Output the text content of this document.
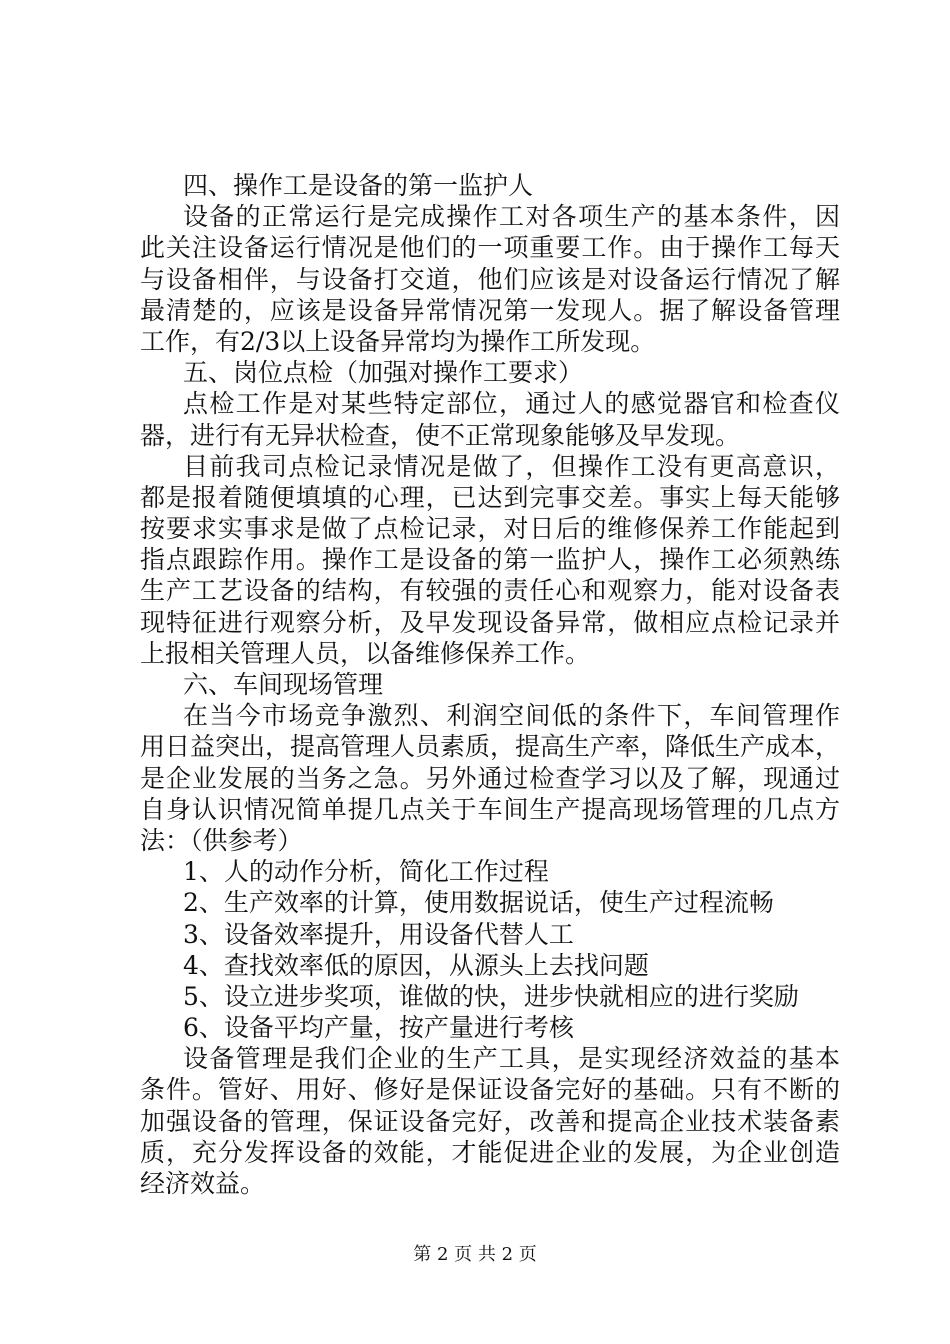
四、操作工是设备的第一监护人
设备的正常运行是完成操作工对各项生产的基本条件，因
此关注设备运行情况是他们的一项重要工作。由于操作工每天
与设备相伴，与设备打交道，他们应该是对设备运行情况了解
最清楚的，应该是设备异常情况第一发现人。据了解设备管理
工作，有2/3以上设备异常均为操作工所发现。
五、岗位点检（加强对操作工要求）
点检工作是对某些特定部位，通过人的感觉器官和检查仪
器，进行有无异状检查，使不正常现象能够及早发现。
目前我司点检记录情况是做了，但操作工没有更高意识，
都是报着随便填填的心理，已达到完事交差。事实上每天能够
按要求实事求是做了点检记录，对日后的维修保养工作能起到
指点跟踪作用。操作工是设备的第一监护人，操作工必须熟练
生产工艺设备的结构，有较强的责任心和观察力，能对设备表
现特征进行观察分析，及早发现设备异常，做相应点检记录并
上报相关管理人员，以备维修保养工作。
六、车间现场管理
在当今市场竞争激烈、利润空间低的条件下，车间管理作
用日益突出，提高管理人员素质，提高生产率，降低生产成本，
是企业发展的当务之急。另外通过检查学习以及了解，现通过
自身认识情况简单提几点关于车间生产提高现场管理的几点方
法：（供参考）
1、人的动作分析，简化工作过程
2、生产效率的计算，使用数据说话，使生产过程流畅
3、设备效率提升，用设备代替人工
4、查找效率低的原因，从源头上去找问题
5、设立进步奖项，谁做的快，进步快就相应的进行奖励
6、设备平均产量，按产量进行考核
设备管理是我们企业的生产工具，是实现经济效益的基本
条件。管好、用好、修好是保证设备完好的基础。只有不断的
加强设备的管理，保证设备完好，改善和提高企业技术装备素
质，充分发挥设备的效能，才能促进企业的发展，为企业创造
经济效益。
第 2 页 共 2 页
